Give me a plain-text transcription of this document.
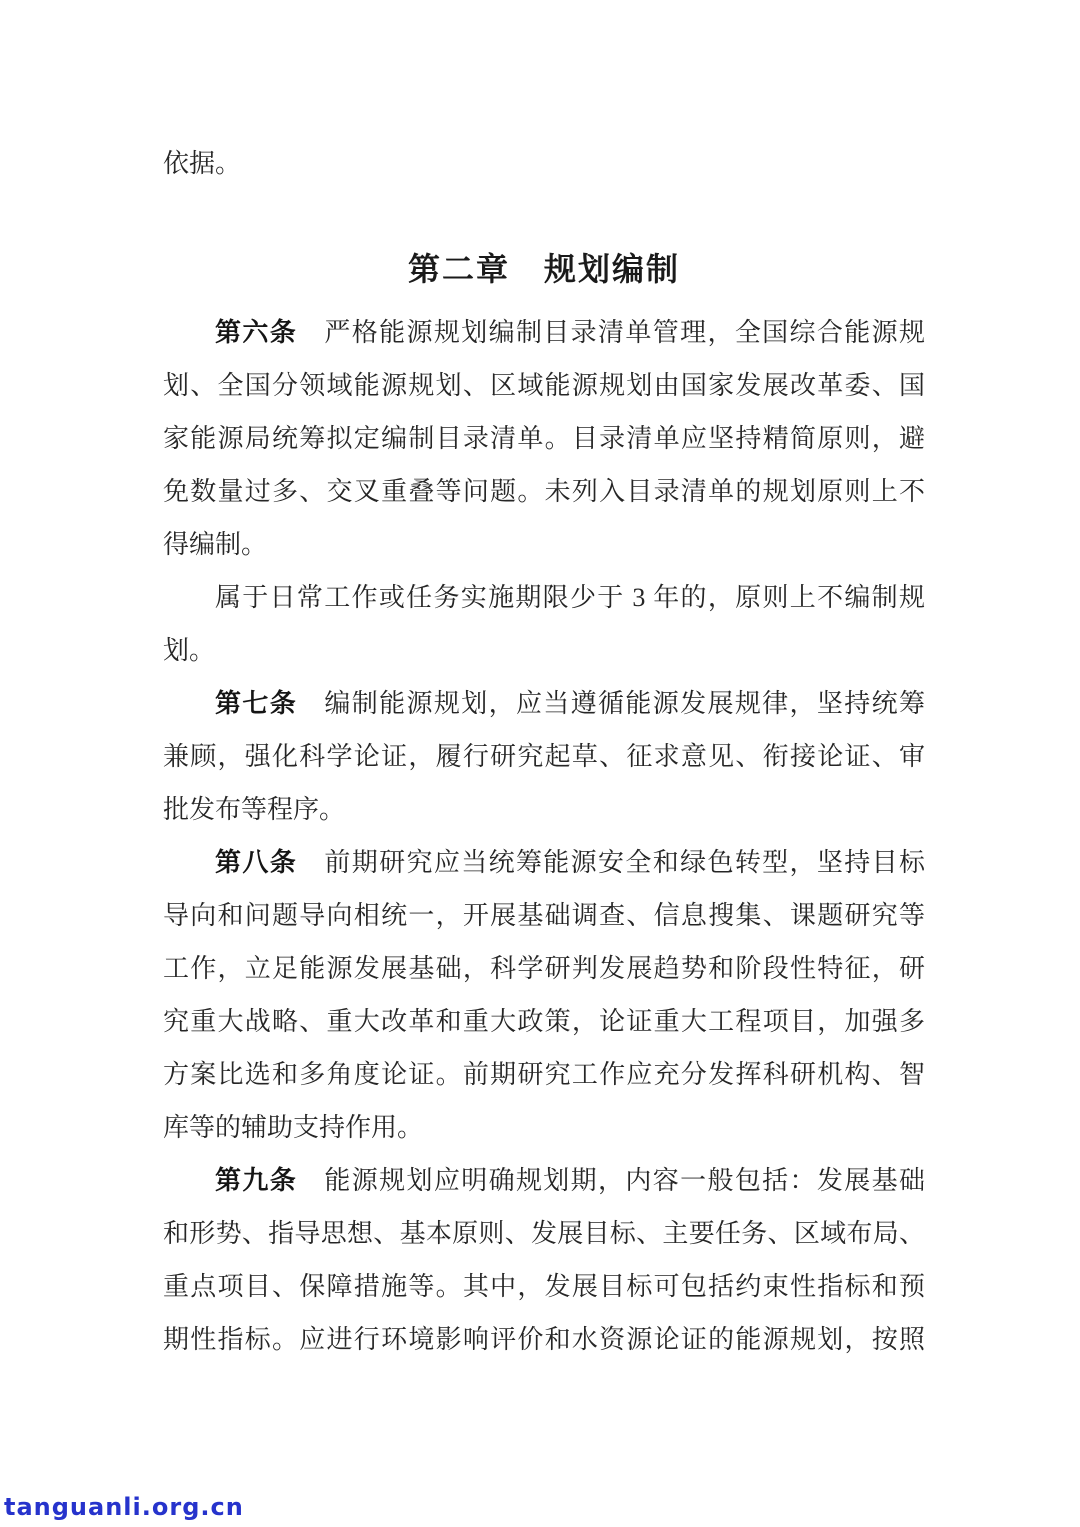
依据。
第二章　规划编制
第六条　严格能源规划编制目录清单管理，全国综合能源规
划、全国分领域能源规划、区域能源规划由国家发展改革委、国
家能源局统筹拟定编制目录清单。目录清单应坚持精简原则，避
免数量过多、交叉重叠等问题。未列入目录清单的规划原则上不
得编制。
属于日常工作或任务实施期限少于 3 年的，原则上不编制规
划。
第七条　编制能源规划，应当遵循能源发展规律，坚持统筹
兼顾，强化科学论证，履行研究起草、征求意见、衔接论证、审
批发布等程序。
第八条　前期研究应当统筹能源安全和绿色转型，坚持目标
导向和问题导向相统一，开展基础调查、信息搜集、课题研究等
工作，立足能源发展基础，科学研判发展趋势和阶段性特征，研
究重大战略、重大改革和重大政策，论证重大工程项目，加强多
方案比选和多角度论证。前期研究工作应充分发挥科研机构、智
库等的辅助支持作用。
第九条　能源规划应明确规划期，内容一般包括：发展基础
和形势、指导思想、基本原则、发展目标、主要任务、区域布局、
重点项目、保障措施等。其中，发展目标可包括约束性指标和预
期性指标。应进行环境影响评价和水资源论证的能源规划，按照
tanguanli.org.cn
